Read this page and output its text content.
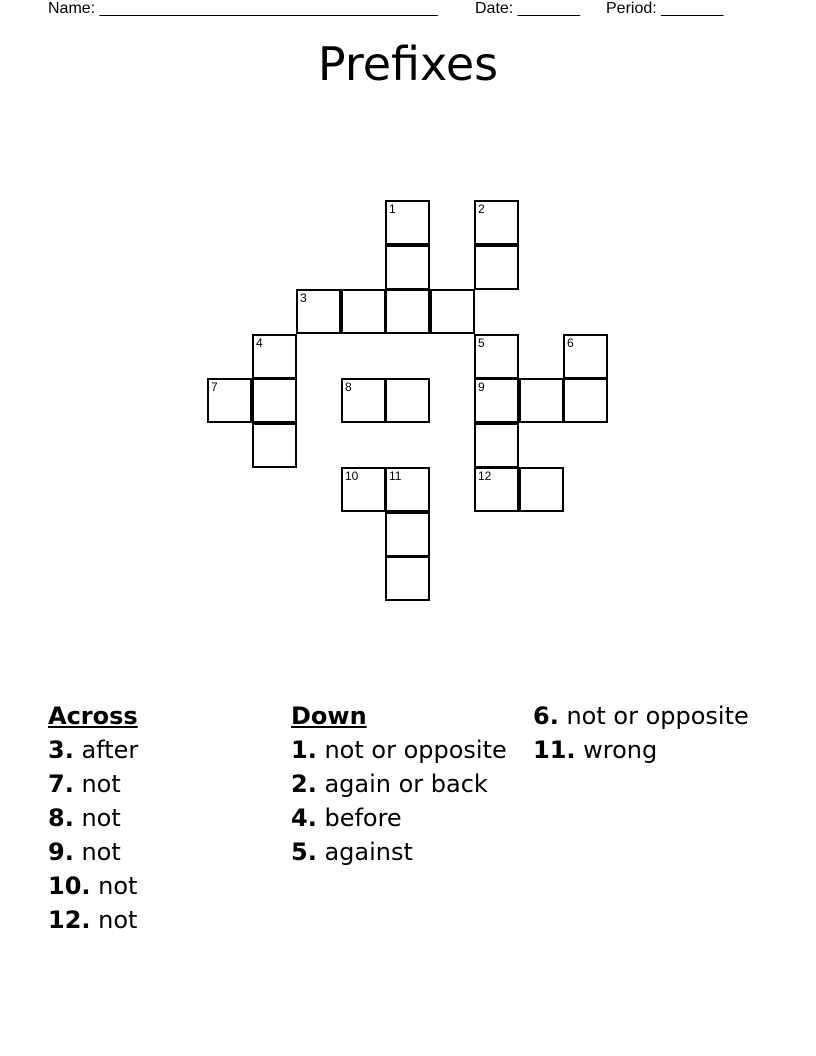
Name: ______________________________________ Date: _______ Period: _______
Prefixes
1	2
3
4	5	6
7	8	9
10	11	12
Across
3. after
7. not
8. not
9. not
10. not
12. not
Down
1. not or opposite
2. again or back
4. before
5. against
6. not or opposite
11. wrong
